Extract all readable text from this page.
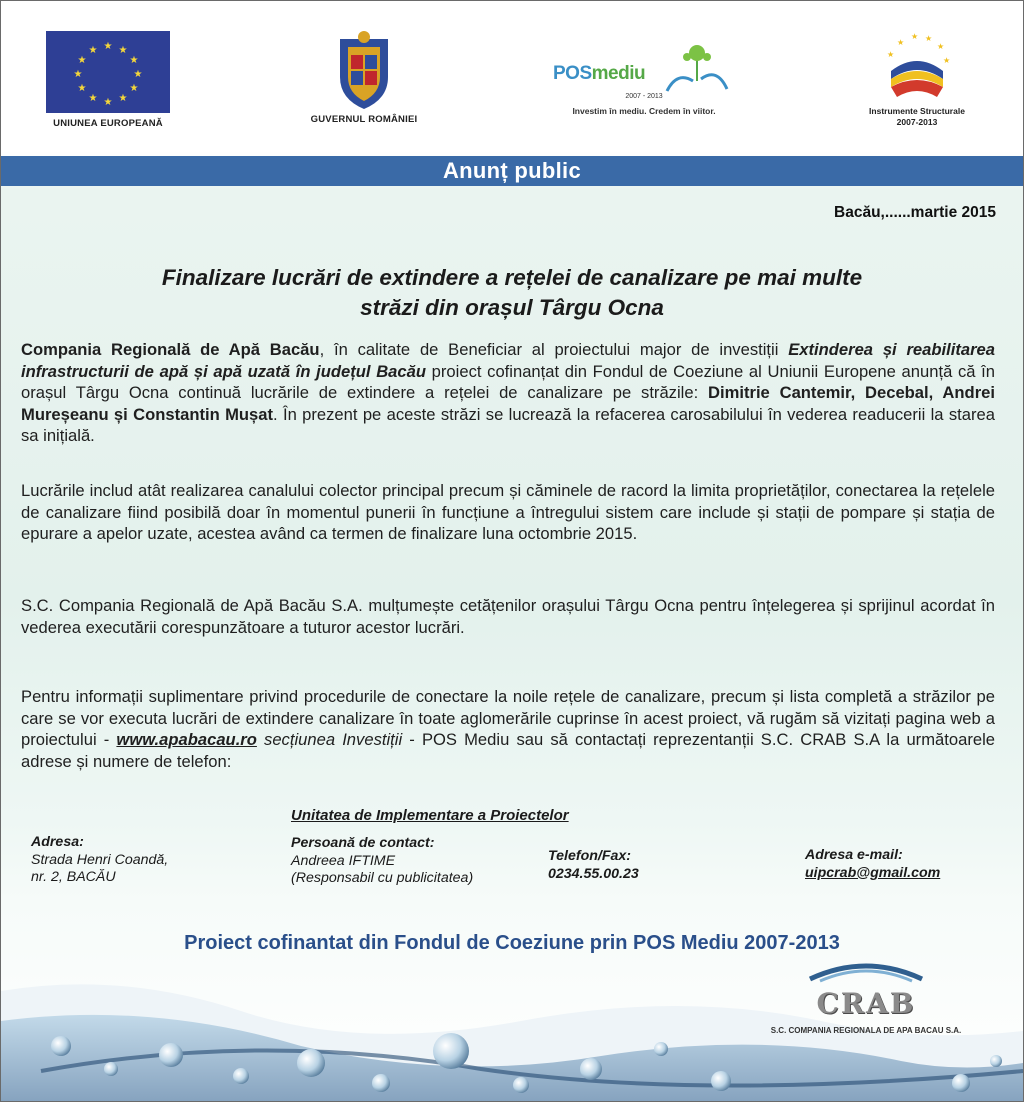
★ ★
★
★
★
★
★
★
★
★
★
★
UNIUNEA EUROPEANĂ	GUVERNUL ROMÂNIEI
POSmediu
2007 - 2013
Investim în mediu. Credem în viitor.
★
★ ★
★
★
★
Instrumente Structurale
2007-2013
Anunț public
Bacău,......martie 2015
Finalizare lucrări de extindere a rețelei de canalizare pe mai multe
străzi din orașul Târgu Ocna
Compania Regională de Apă Bacău, în calitate de Beneficiar al proiectului major de investiții Extinderea și reabilitarea infrastructurii de apă și apă uzată în județul Bacău proiect cofinanțat din Fondul de Coeziune al Uniunii Europene anunță că în orașul Târgu Ocna continuă lucrările de extindere a rețelei de canalizare pe străzile: Dimitrie Cantemir, Decebal, Andrei Mureșeanu și Constantin Mușat. În prezent pe aceste străzi se lucrează la refacerea carosabilului în vederea readucerii la starea sa inițială.
Lucrările includ atât realizarea canalului colector principal precum și căminele de racord la limita proprietăților, conectarea la rețelele de canalizare fiind posibilă doar în momentul punerii în funcțiune a întregului sistem care include și stații de pompare și stația de epurare a apelor uzate, acestea având ca termen de finalizare luna octombrie 2015.
S.C. Compania Regională de Apă Bacău S.A. mulțumește cetățenilor orașului Târgu Ocna pentru înțelegerea și sprijinul acordat în vederea executării corespunzătoare a tuturor acestor lucrări.
Pentru informații suplimentare privind procedurile de conectare la noile rețele de canalizare, precum și lista completă a străzilor pe care se vor executa lucrări de extindere canalizare în toate aglomerările cuprinse în acest proiect, vă rugăm să vizitați pagina web a proiectului - www.apabacau.ro secțiunea Investiții - POS Mediu sau să contactați reprezentanții S.C. CRAB S.A la următoarele adrese și numere de telefon:
Unitatea de Implementare a Proiectelor
Adresa:
Strada Henri Coandă,
nr. 2, BACĂU
Persoană de contact:
Andreea IFTIME
(Responsabil cu publicitatea)
Telefon/Fax:
0234.55.00.23
Adresa e-mail:
uipcrab@gmail.com
Proiect cofinantat din Fondul de Coeziune prin POS Mediu 2007-2013
CRAB
S.C. COMPANIA REGIONALA DE APA BACAU S.A.
